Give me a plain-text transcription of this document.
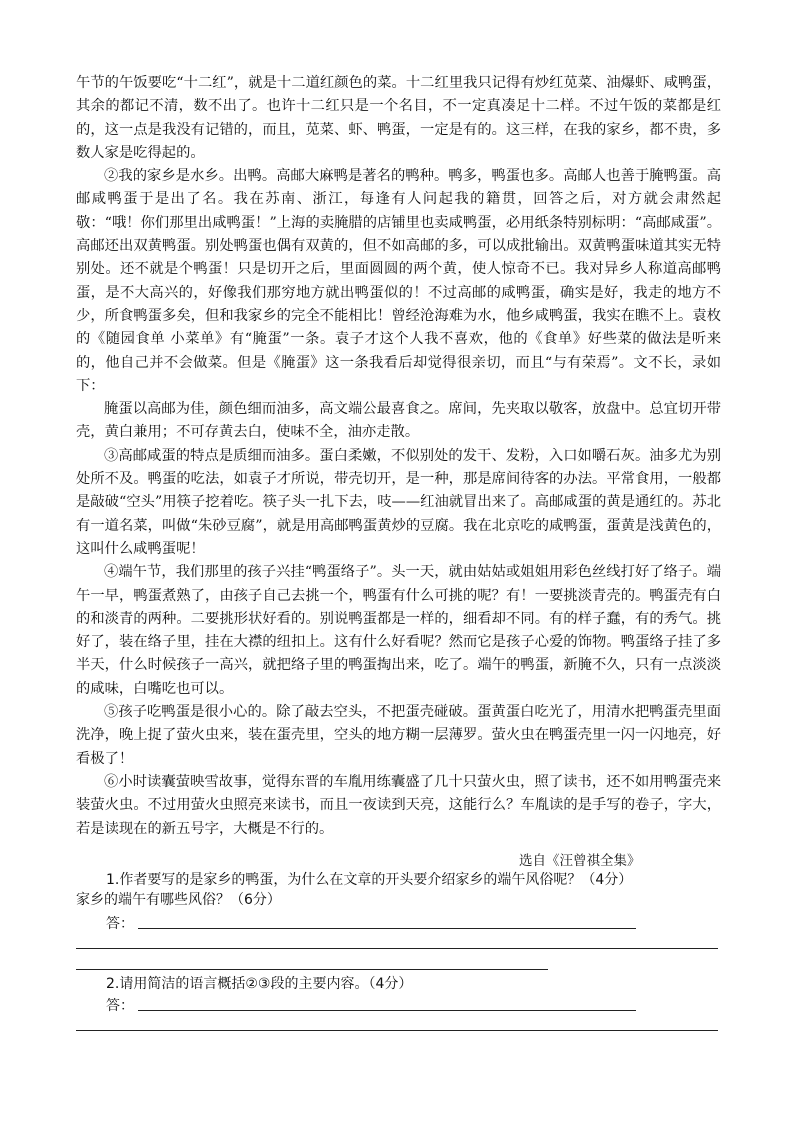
午节的午饭要吃“十二红”，就是十二道红颜色的菜。十二红里我只记得有炒红苋菜、油爆虾、咸鸭蛋，其余的都记不清，数不出了。也许十二红只是一个名目，不一定真凑足十二样。不过午饭的菜都是红的，这一点是我没有记错的，而且，苋菜、虾、鸭蛋，一定是有的。这三样，在我的家乡，都不贵，多数人家是吃得起的。

②我的家乡是水乡。出鸭。高邮大麻鸭是著名的鸭种。鸭多，鸭蛋也多。高邮人也善于腌鸭蛋。高邮咸鸭蛋于是出了名。我在苏南、浙江，每逢有人问起我的籍贯，回答之后，对方就会肃然起敬：“哦！你们那里出咸鸭蛋！”上海的卖腌腊的店铺里也卖咸鸭蛋，必用纸条特别标明：“高邮咸蛋”。高邮还出双黄鸭蛋。别处鸭蛋也偶有双黄的，但不如高邮的多，可以成批输出。双黄鸭蛋味道其实无特别处。还不就是个鸭蛋！只是切开之后，里面圆圆的两个黄，使人惊奇不已。我对异乡人称道高邮鸭蛋，是不大高兴的，好像我们那穷地方就出鸭蛋似的！不过高邮的咸鸭蛋，确实是好，我走的地方不少，所食鸭蛋多矣，但和我家乡的完全不能相比！曾经沧海难为水，他乡咸鸭蛋，我实在瞧不上。袁枚的《随园食单 小菜单》有“腌蛋”一条。袁子才这个人我不喜欢，他的《食单》好些菜的做法是听来的，他自己并不会做菜。但是《腌蛋》这一条我看后却觉得很亲切，而且“与有荣焉”。文不长，录如下：

腌蛋以高邮为佳，颜色细而油多，高文端公最喜食之。席间，先夹取以敬客，放盘中。总宜切开带壳，黄白兼用；不可存黄去白，使味不全，油亦走散。

③高邮咸蛋的特点是质细而油多。蛋白柔嫩，不似别处的发干、发粉，入口如嚼石灰。油多尤为别处所不及。鸭蛋的吃法，如袁子才所说，带壳切开，是一种，那是席间待客的办法。平常食用，一般都是敲破“空头”用筷子挖着吃。筷子头一扎下去，吱——红油就冒出来了。高邮咸蛋的黄是通红的。苏北有一道名菜，叫做“朱砂豆腐”，就是用高邮鸭蛋黄炒的豆腐。我在北京吃的咸鸭蛋，蛋黄是浅黄色的，这叫什么咸鸭蛋呢！

④端午节，我们那里的孩子兴挂“鸭蛋络子”。头一天，就由姑姑或姐姐用彩色丝线打好了络子。端午一早，鸭蛋煮熟了，由孩子自己去挑一个，鸭蛋有什么可挑的呢？有！一要挑淡青壳的。鸭蛋壳有白的和淡青的两种。二要挑形状好看的。别说鸭蛋都是一样的，细看却不同。有的样子蠢，有的秀气。挑好了，装在络子里，挂在大襟的纽扣上。这有什么好看呢？然而它是孩子心爱的饰物。鸭蛋络子挂了多半天，什么时候孩子一高兴，就把络子里的鸭蛋掏出来，吃了。端午的鸭蛋，新腌不久，只有一点淡淡的咸味，白嘴吃也可以。

⑤孩子吃鸭蛋是很小心的。除了敲去空头，不把蛋壳碰破。蛋黄蛋白吃光了，用清水把鸭蛋壳里面洗净，晚上捉了萤火虫来，装在蛋壳里，空头的地方糊一层薄罗。萤火虫在鸭蛋壳里一闪一闪地亮，好看极了！

⑥小时读囊萤映雪故事，觉得东晋的车胤用练囊盛了几十只萤火虫，照了读书，还不如用鸭蛋壳来装萤火虫。不过用萤火虫照亮来读书，而且一夜读到天亮，这能行么？车胤读的是手写的卷子，字大，若是读现在的新五号字，大概是不行的。

选自《汪曾祺全集》
1.作者要写的是家乡的鸭蛋，为什么在文章的开头要介绍家乡的端午风俗呢？（4分）
家乡的端午有哪些风俗？（6分）
答：
2.请用简洁的语言概括②③段的主要内容。（4分）
答：
